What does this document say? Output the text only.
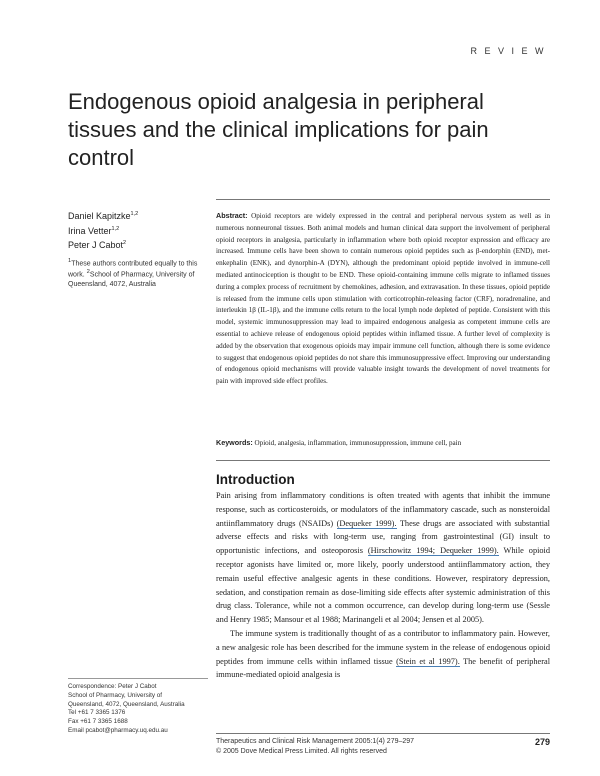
R E V I E W
Endogenous opioid analgesia in peripheral tissues and the clinical implications for pain control
Daniel Kapitzke$^{1,2}$
Irina Vetter$^{1,2}$
Peter J Cabot$^2$
$^1$These authors contributed equally to this work. $^2$School of Pharmacy, University of Queensland, 4072, Australia

Abstract: Opioid receptors are widely expressed in the central and peripheral nervous system as well as in numerous nonneuronal tissues. Both animal models and human clinical data support the involvement of peripheral opioid receptors in analgesia, particularly in inflammation where both opioid receptor expression and efficacy are increased. Immune cells have been shown to contain numerous opioid peptides such as β-endorphin (END), met-enkephalin (ENK), and dynorphin-A (DYN), although the predominant opioid peptide involved in immune-cell mediated antinociception is thought to be END. These opioid-containing immune cells migrate to inflamed tissues during a complex process of recruitment by chemokines, adhesion, and extravasation. In these tissues, opioid peptide is released from the immune cells upon stimulation with corticotrophin-releasing factor (CRF), noradrenaline, and interleukin 1β (IL-1β), and the immune cells return to the local lymph node depleted of peptide. Consistent with this model, systemic immunosuppression may lead to impaired endogenous analgesia as competent immune cells are essential to achieve release of endogenous opioid peptides within inflamed tissue. A further level of complexity is added by the observation that exogenous opioids may impair immune cell function, although there is some evidence to suggest that endogenous opioid peptides do not share this immunosuppressive effect. Improving our understanding of endogenous opioid mechanisms will provide valuable insight towards the development of novel treatments for pain with improved side effect profiles.

Keywords: Opioid, analgesia, inflammation, immunosuppression, immune cell, pain

Introduction

Pain arising from inflammatory conditions is often treated with agents that inhibit the immune response, such as corticosteroids, or modulators of the inflammatory cascade, such as nonsteroidal antiinflammatory drugs (NSAIDs) (Dequeker 1999). These drugs are associated with substantial adverse effects and risks with long-term use, ranging from gastrointestinal (GI) insult to opportunistic infections, and osteoporosis (Hirschowitz 1994; Dequeker 1999). While opioid receptor agonists have limited or, more likely, poorly understood antiinflammatory action, they remain useful effective analgesic agents in these conditions. However, respiratory depression, sedation, and constipation remain as dose-limiting side effects after systemic administration of this drug class. Tolerance, while not a common occurrence, can develop during long-term use (Sessle and Henry 1985; Mansour et al 1988; Marinangeli et al 2004; Jensen et al 2005).

The immune system is traditionally thought of as a contributor to inflammatory pain. However, a new analgesic role has been described for the immune system in the release of endogenous opioid peptides from immune cells within inflamed tissue (Stein et al 1997). The benefit of peripheral immune-mediated opioid analgesia is

Correspondence: Peter J Cabot
School of Pharmacy, University of
Queensland, 4072, Queensland, Australia
Tel +61 7 3365 1376
Fax +61 7 3365 1688
Email pcabot@pharmacy.uq.edu.au
Therapeutics and Clinical Risk Management 2005:1(4) 279–297
© 2005 Dove Medical Press Limited. All rights reserved
279
